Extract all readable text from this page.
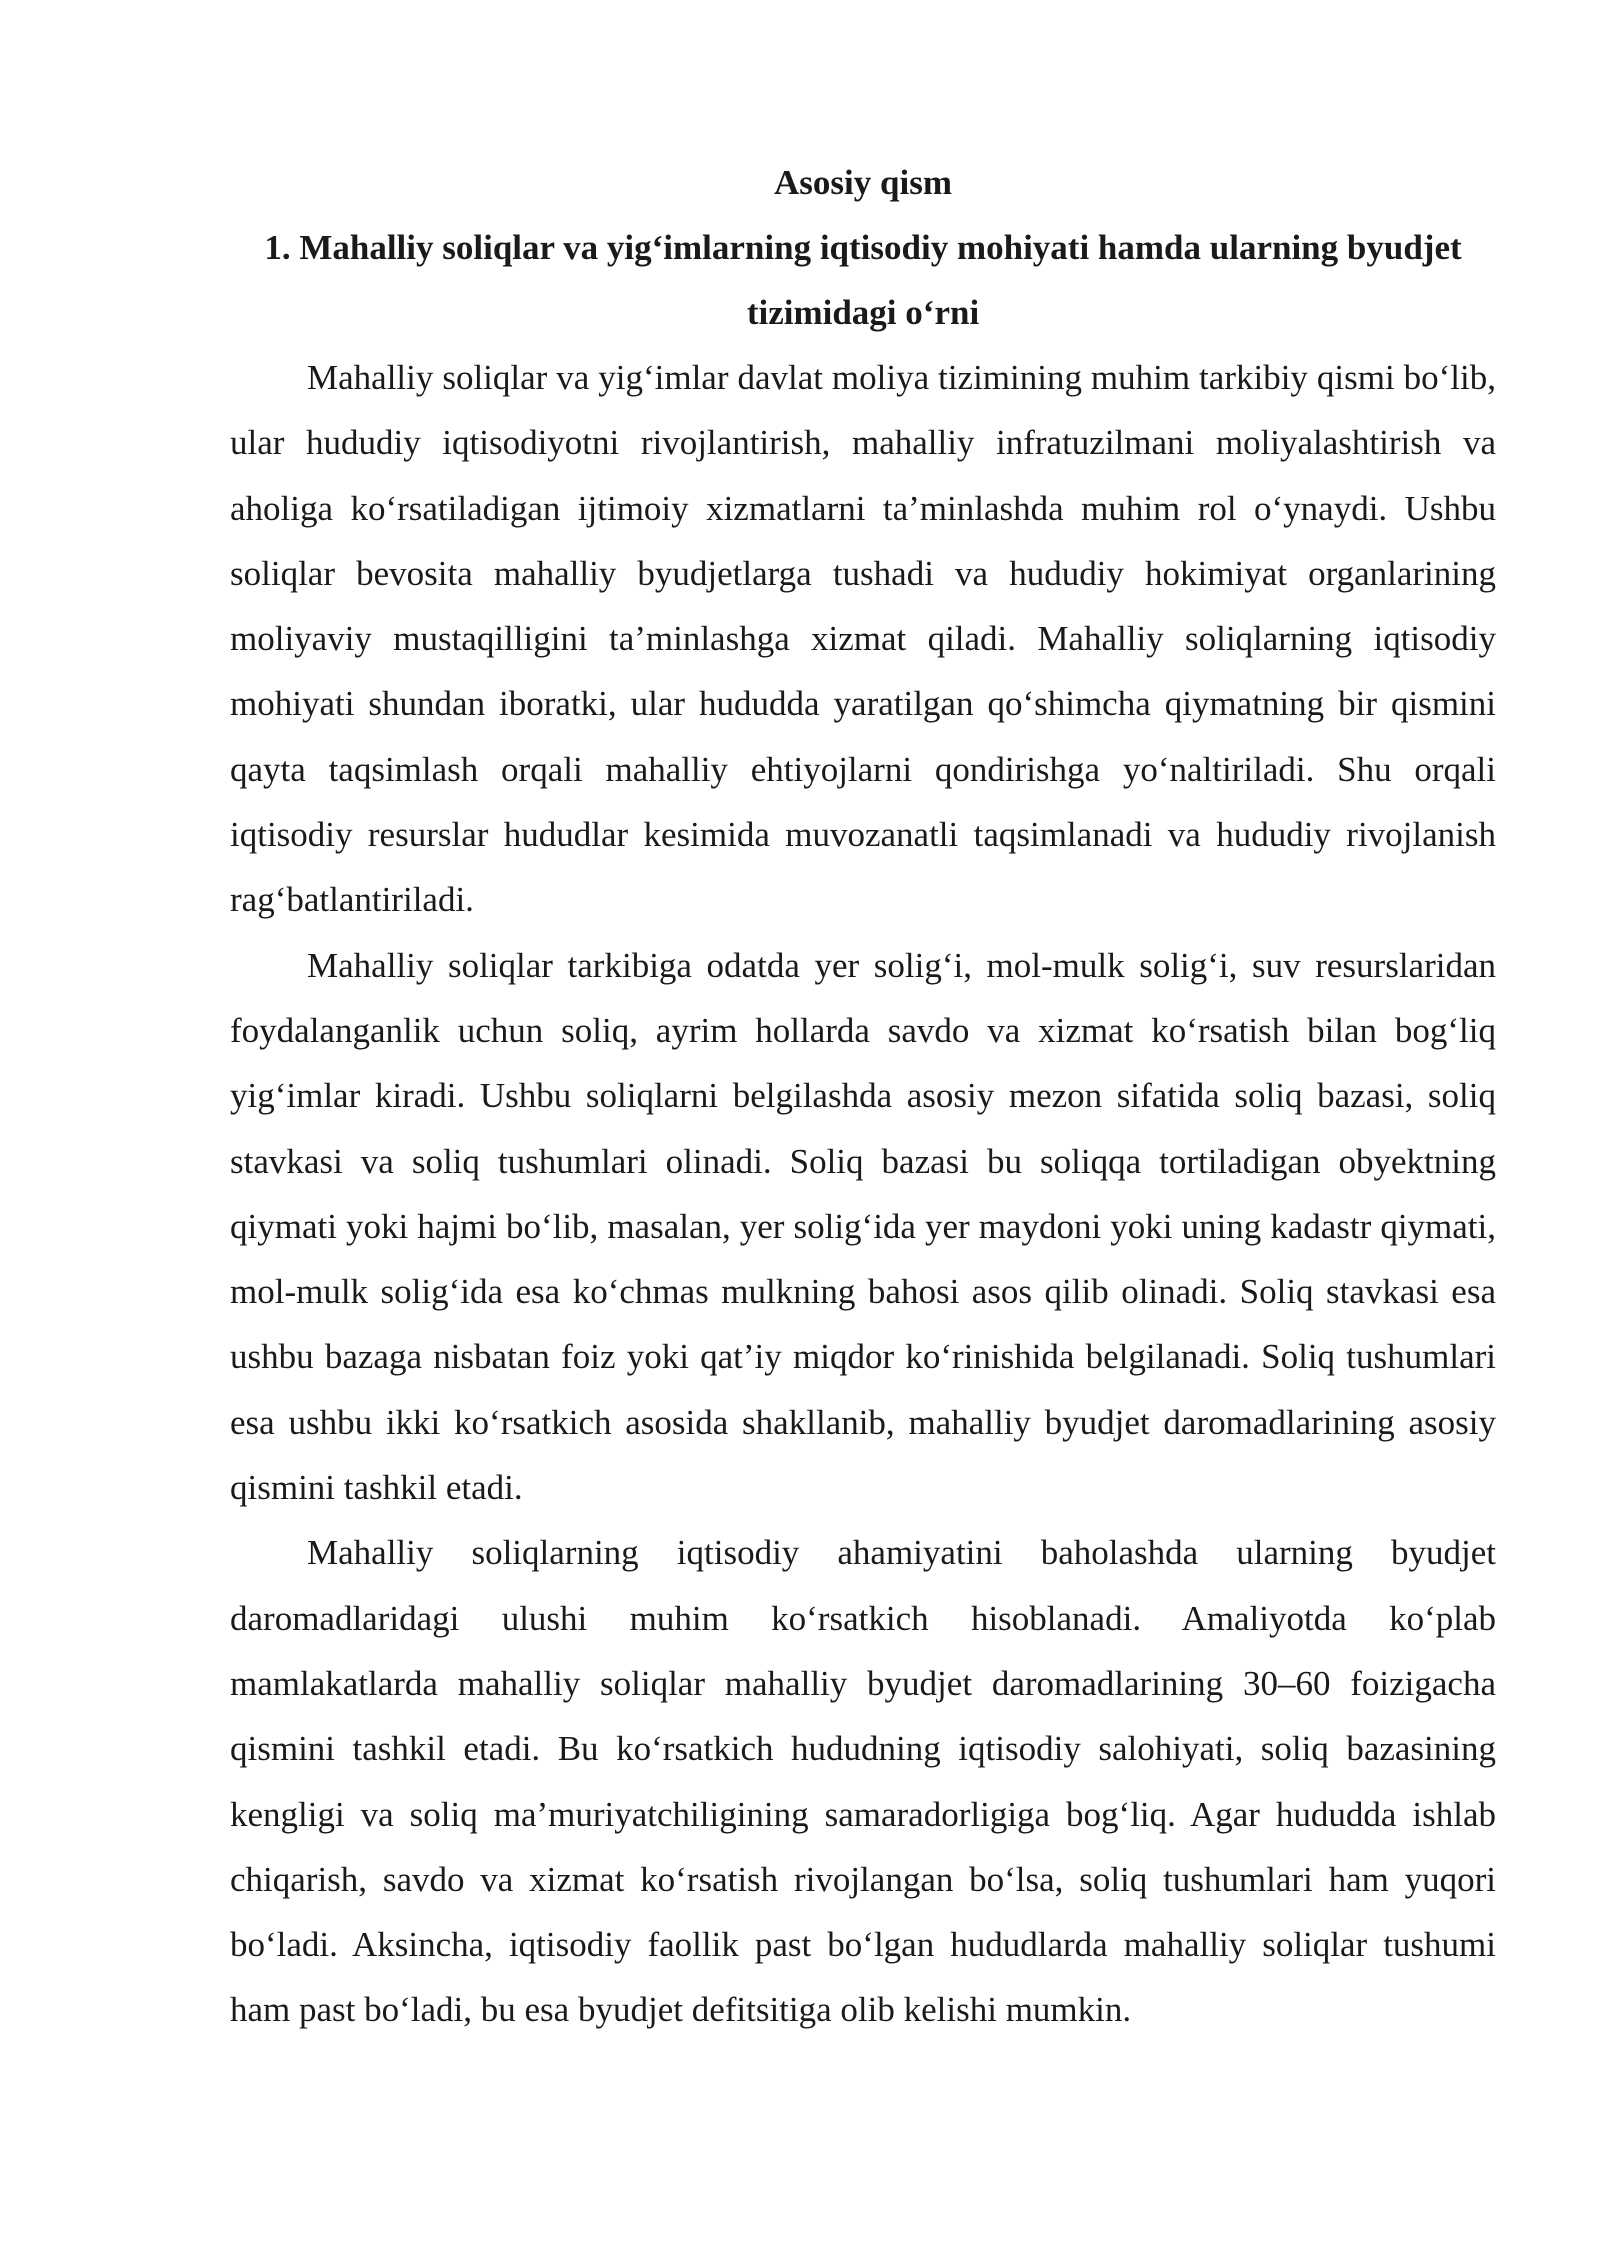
Asosiy qism
1. Mahalliy soliqlar va yig‘imlarning iqtisodiy mohiyati hamda ularning byudjet tizimidagi o‘rni

Mahalliy soliqlar va yig‘imlar davlat moliya tizimining muhim tarkibiy qismi bo‘lib, ular hududiy iqtisodiyotni rivojlantirish, mahalliy infratuzilmani moliyalashtirish va aholiga ko‘rsatiladigan ijtimoiy xizmatlarni ta’minlashda muhim rol o‘ynaydi. Ushbu soliqlar bevosita mahalliy byudjetlarga tushadi va hududiy hokimiyat organlarining moliyaviy mustaqilligini ta’minlashga xizmat qiladi. Mahalliy soliqlarning iqtisodiy mohiyati shundan iboratki, ular hududda yaratilgan qo‘shimcha qiymatning bir qismini qayta taqsimlash orqali mahalliy ehtiyojlarni qondirishga yo‘naltiriladi. Shu orqali iqtisodiy resurslar hududlar kesimida muvozanatli taqsimlanadi va hududiy rivojlanish rag‘batlantiriladi.

Mahalliy soliqlar tarkibiga odatda yer solig‘i, mol-mulk solig‘i, suv resurslaridan foydalanganlik uchun soliq, ayrim hollarda savdo va xizmat ko‘rsatish bilan bog‘liq yig‘imlar kiradi. Ushbu soliqlarni belgilashda asosiy mezon sifatida soliq bazasi, soliq stavkasi va soliq tushumlari olinadi. Soliq bazasi bu soliqqa tortiladigan obyektning qiymati yoki hajmi bo‘lib, masalan, yer solig‘ida yer maydoni yoki uning kadastr qiymati, mol-mulk solig‘ida esa ko‘chmas mulkning bahosi asos qilib olinadi. Soliq stavkasi esa ushbu bazaga nisbatan foiz yoki qat’iy miqdor ko‘rinishida belgilanadi. Soliq tushumlari esa ushbu ikki ko‘rsatkich asosida shakllanib, mahalliy byudjet daromadlarining asosiy qismini tashkil etadi.

Mahalliy soliqlarning iqtisodiy ahamiyatini baholashda ularning byudjet daromadlaridagi ulushi muhim ko‘rsatkich hisoblanadi. Amaliyotda ko‘plab mamlakatlarda mahalliy soliqlar mahalliy byudjet daromadlarining 30–60 foizigacha qismini tashkil etadi. Bu ko‘rsatkich hududning iqtisodiy salohiyati, soliq bazasining kengligi va soliq ma’muriyatchiligining samaradorligiga bog‘liq. Agar hududda ishlab chiqarish, savdo va xizmat ko‘rsatish rivojlangan bo‘lsa, soliq tushumlari ham yuqori bo‘ladi. Aksincha, iqtisodiy faollik past bo‘lgan hududlarda mahalliy soliqlar tushumi ham past bo‘ladi, bu esa byudjet defitsitiga olib kelishi mumkin.
